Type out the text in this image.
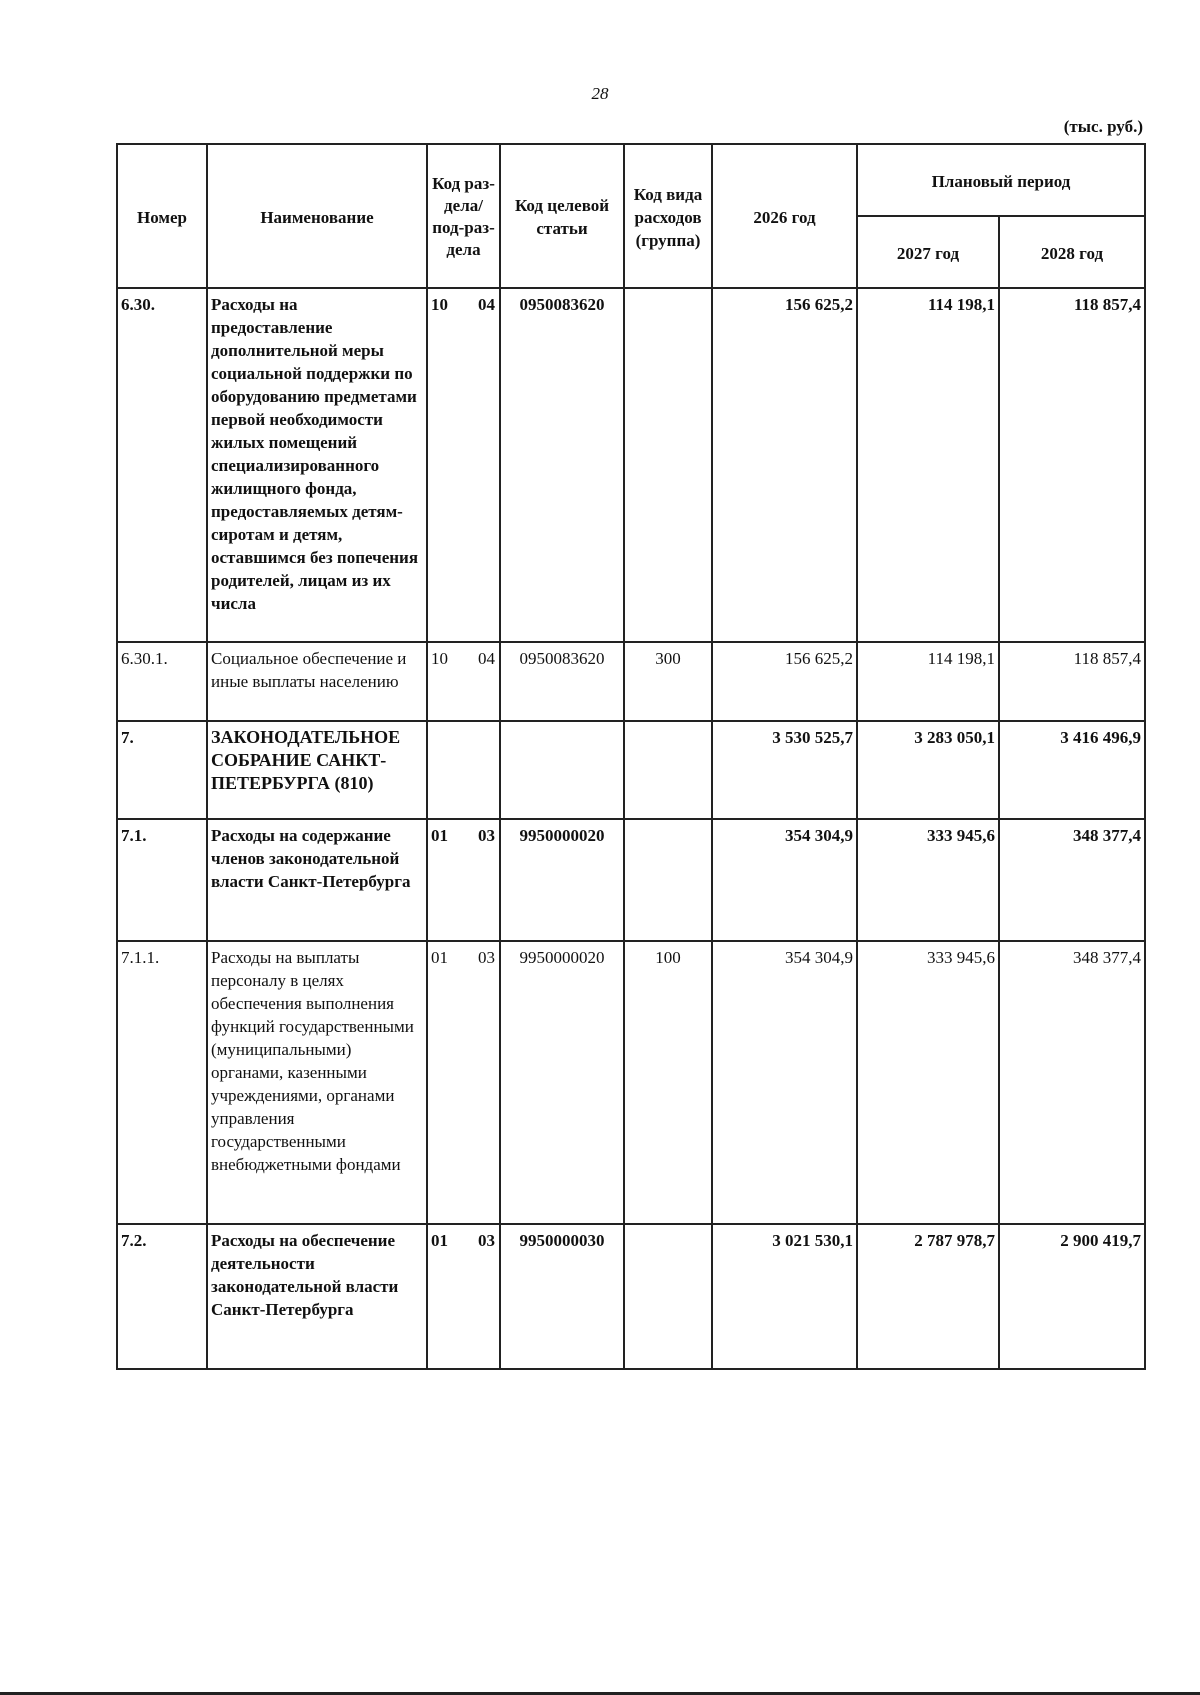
28
(тыс. руб.)
Номер	Наименование	Код раз-дела/ под-раз-дела	Код целевой статьи	Код вида расходов (группа)	2026 год	Плановый период	
						2027 год	2028 год
6.30.	Расходы на предоставление дополнительной меры социальной поддержки по оборудованию предметами первой необходимости жилых помещений специализированного жилищного фонда, предоставляемых детям-сиротам и детям, оставшимся без попечения родителей, лицам из их числа	10 04	0950083620		156 625,2	114 198,1	118 857,4
6.30.1.	Социальное обеспечение и иные выплаты населению	10 04	0950083620	300	156 625,2	114 198,1	118 857,4
7.	ЗАКОНОДАТЕЛЬНОЕ СОБРАНИЕ САНКТ-ПЕТЕРБУРГА (810)				3 530 525,7	3 283 050,1	3 416 496,9
7.1.	Расходы на содержание членов законодательной власти Санкт-Петербурга	01 03	9950000020		354 304,9	333 945,6	348 377,4
7.1.1.	Расходы на выплаты персоналу в целях обеспечения выполнения функций государственными (муниципальными) органами, казенными учреждениями, органами управления государственными внебюджетными фондами	01 03	9950000020	100	354 304,9	333 945,6	348 377,4
7.2.	Расходы на обеспечение деятельности законодательной власти Санкт-Петербурга	01 03	9950000030		3 021 530,1	2 787 978,7	2 900 419,7
